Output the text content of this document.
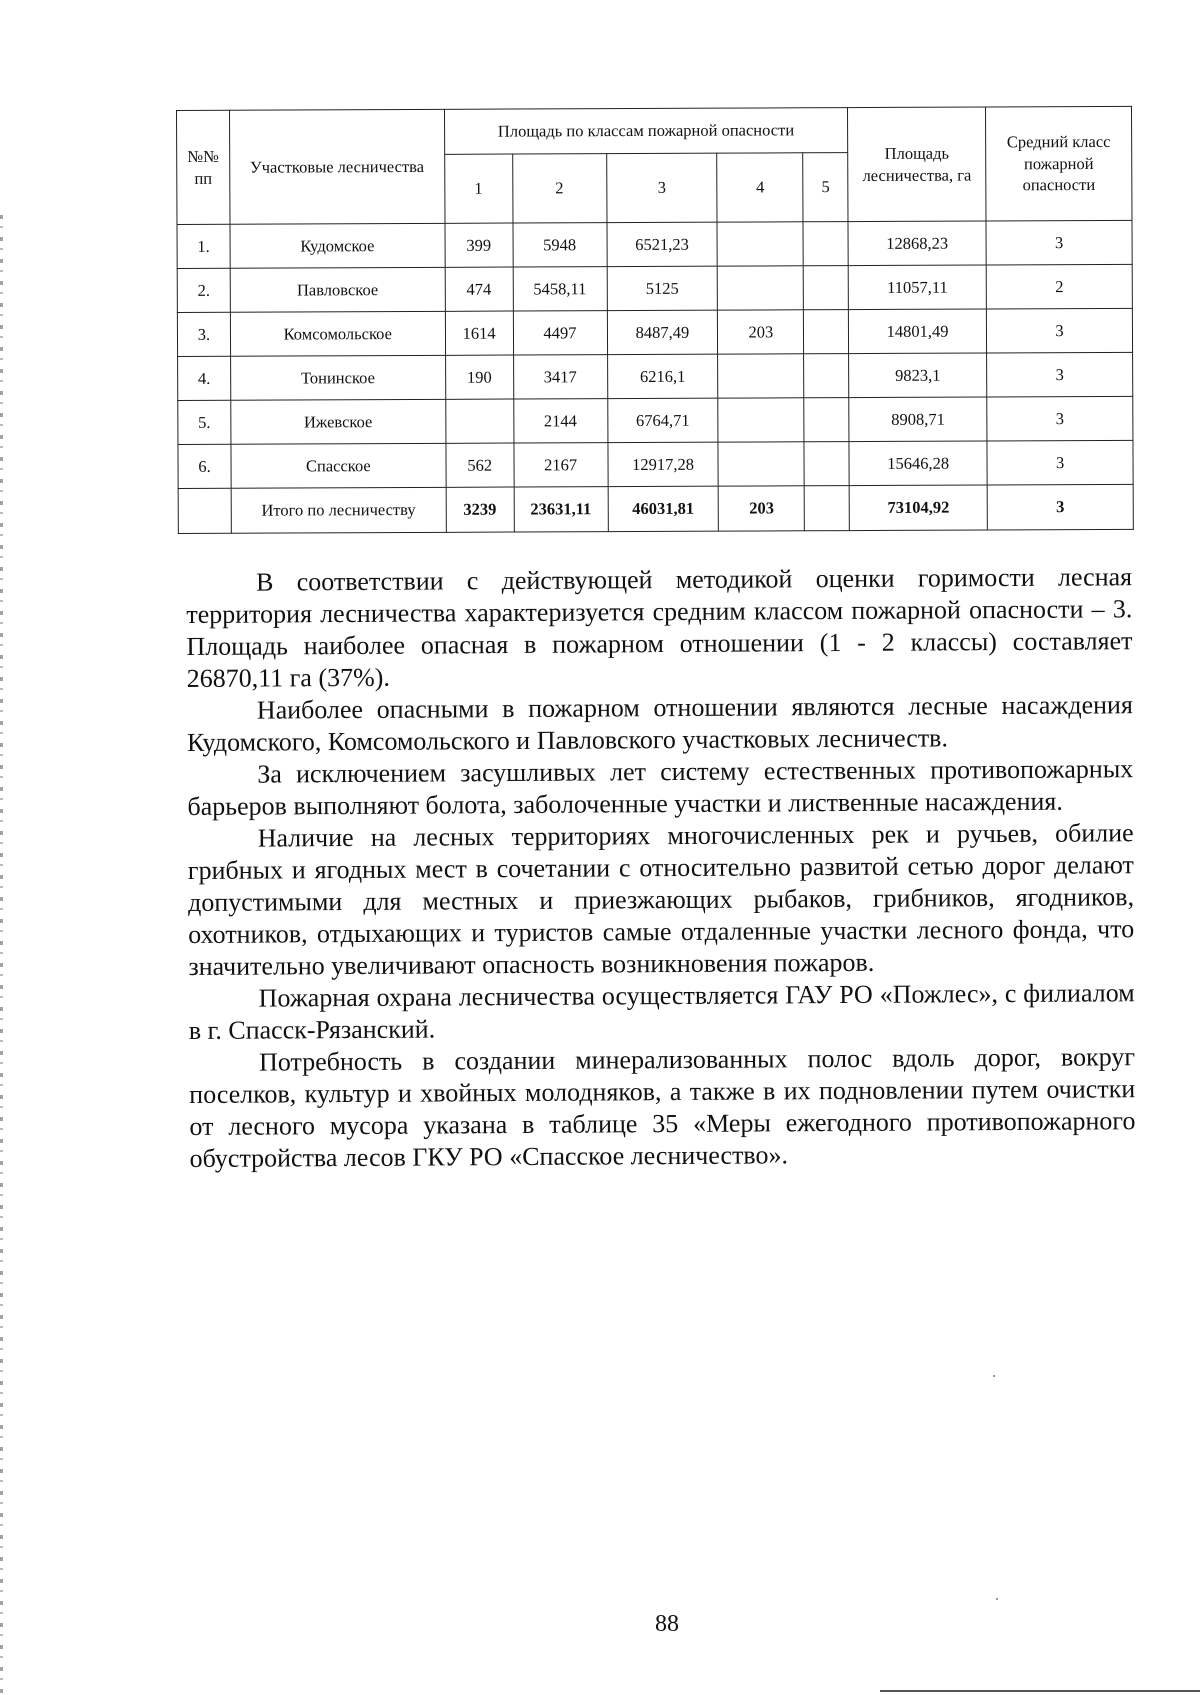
№№ пп	Участковые лесничества	Площадь по классам пожарной опасности					Площадь лесничества, га	Средний класс пожарной опасности
		1	2	3	4	5		
1.	Кудомское	399	5948	6521,23			12868,23	3
2.	Павловское	474	5458,11	5125			11057,11	2
3.	Комсомольское	1614	4497	8487,49	203		14801,49	3
4.	Тонинское	190	3417	6216,1			9823,1	3
5.	Ижевское		2144	6764,71			8908,71	3
6.	Спасское	562	2167	12917,28			15646,28	3
	Итого по лесничеству	3239	23631,11	46031,81	203		73104,92	3

В соответствии с действующей методикой оценки горимости лесная территория лесничества характеризуется средним классом пожарной опасности – 3. Площадь наиболее опасная в пожарном отношении (1 - 2 классы) составляет 26870,11 га (37%).

Наиболее опасными в пожарном отношении являются лесные насаждения Кудомского, Комсомольского и Павловского участковых лесничеств.

За исключением засушливых лет систему естественных противопожарных барьеров выполняют болота, заболоченные участки и лиственные насаждения.

Наличие на лесных территориях многочисленных рек и ручьев, обилие грибных и ягодных мест в сочетании с относительно развитой сетью дорог делают допустимыми для местных и приезжающих рыбаков, грибников, ягодников, охотников, отдыхающих и туристов самые отдаленные участки лесного фонда, что значительно увеличивают опасность возникновения пожаров.

Пожарная охрана лесничества осуществляется ГАУ РО «Пожлес», с филиалом в г. Спасск-Рязанский.

Потребность в создании минерализованных полос вдоль дорог, вокруг поселков, культур и хвойных молодняков, а также в их подновлении путем очистки от лесного мусора указана в таблице 35 «Меры ежегодного противопожарного обустройства лесов ГКУ РО «Спасское лесничество».

88
